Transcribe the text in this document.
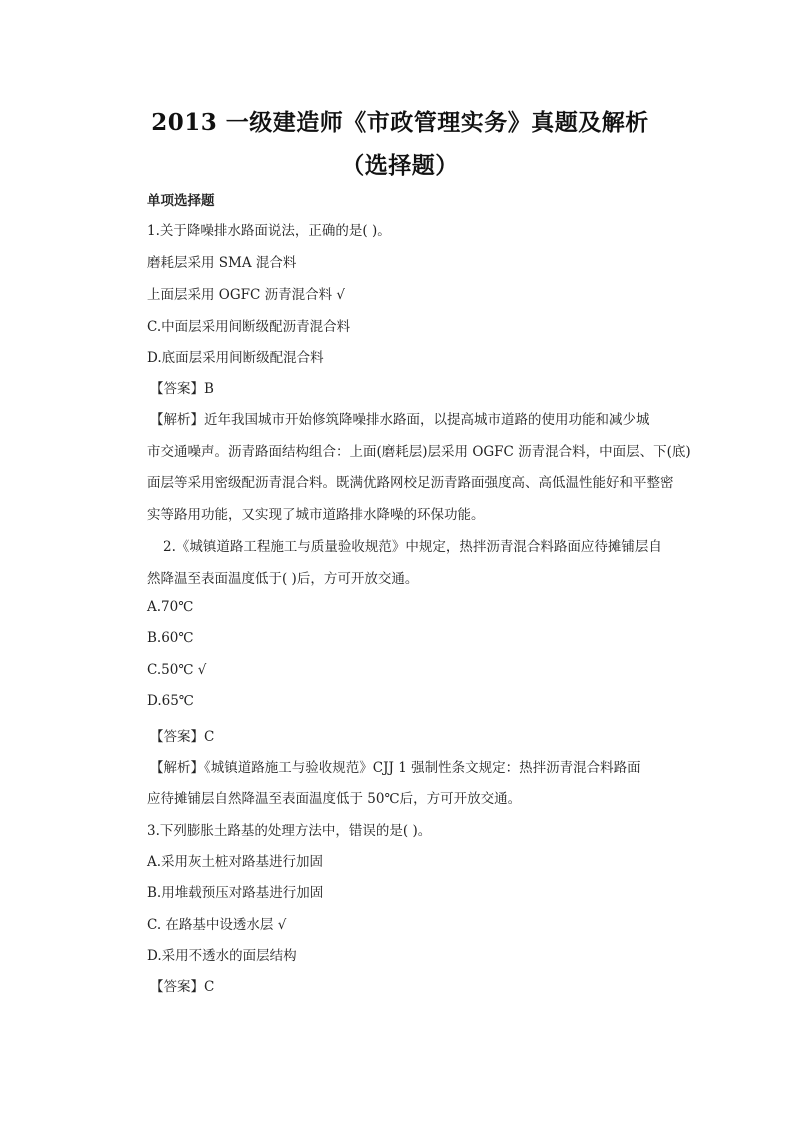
2013 一级建造师《市政管理实务》真题及解析
（选择题）
单项选择题
1.关于降噪排水路面说法，正确的是( )。
磨耗层采用 SMA 混合料
上面层采用 OGFC 沥青混合料 √
C.中面层采用间断级配沥青混合料
D.底面层采用间断级配混合料
【答案】B
【解析】近年我国城市开始修筑降噪排水路面，以提高城市道路的使用功能和减少城
市交通噪声。沥青路面结构组合：上面(磨耗层)层采用 OGFC 沥青混合料，中面层、下(底)
面层等采用密级配沥青混合料。既满优路网校足沥青路面强度高、高低温性能好和平整密
实等路用功能，又实现了城市道路排水降噪的环保功能。
2.《城镇道路工程施工与质量验收规范》中规定，热拌沥青混合料路面应待摊铺层自
然降温至表面温度低于( )后，方可开放交通。
A.70℃
B.60℃
C.50℃ √
D.65℃
【答案】C
【解析】《城镇道路施工与验收规范》CJJ 1 强制性条文规定：热拌沥青混合料路面
应待摊铺层自然降温至表面温度低于 50℃后，方可开放交通。
3.下列膨胀土路基的处理方法中，错误的是( )。
A.采用灰土桩对路基进行加固
B.用堆载预压对路基进行加固
C. 在路基中设透水层 √
D.采用不透水的面层结构
【答案】C
